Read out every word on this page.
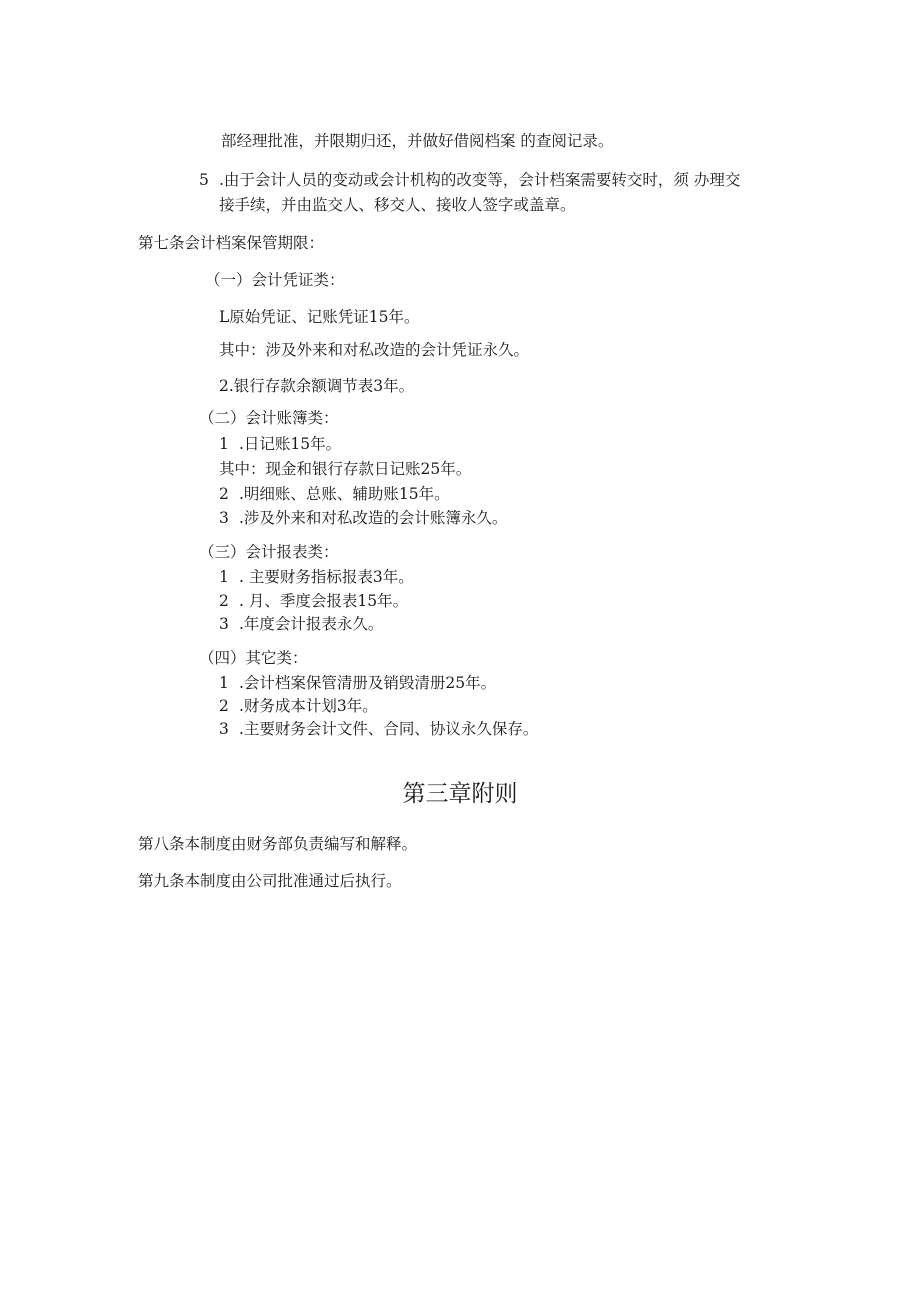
部经理批准，并限期归还，并做好借阅档案 的查阅记录。
5 .由于会计人员的变动或会计机构的改变等，会计档案需要转交时，须 办理交
接手续，并由监交人、移交人、接收人签字或盖章。
第七条会计档案保管期限：
（一）会计凭证类：
L原始凭证、记账凭证15年。
其中：涉及外来和对私改造的会计凭证永久。
2.银行存款余额调节表3年。
（二）会计账簿类：
1 .日记账15年。
其中：现金和银行存款日记账25年。
2 .明细账、总账、辅助账15年。
3 .涉及外来和对私改造的会计账簿永久。
（三）会计报表类：
1 . 主要财务指标报表3年。
2 . 月、季度会报表15年。
3 .年度会计报表永久。
（四）其它类：
1 .会计档案保管清册及销毁清册25年。
2 .财务成本计划3年。
3 .主要财务会计文件、合同、协议永久保存。
第三章附则
第八条本制度由财务部负责编写和解释。
第九条本制度由公司批准通过后执行。
